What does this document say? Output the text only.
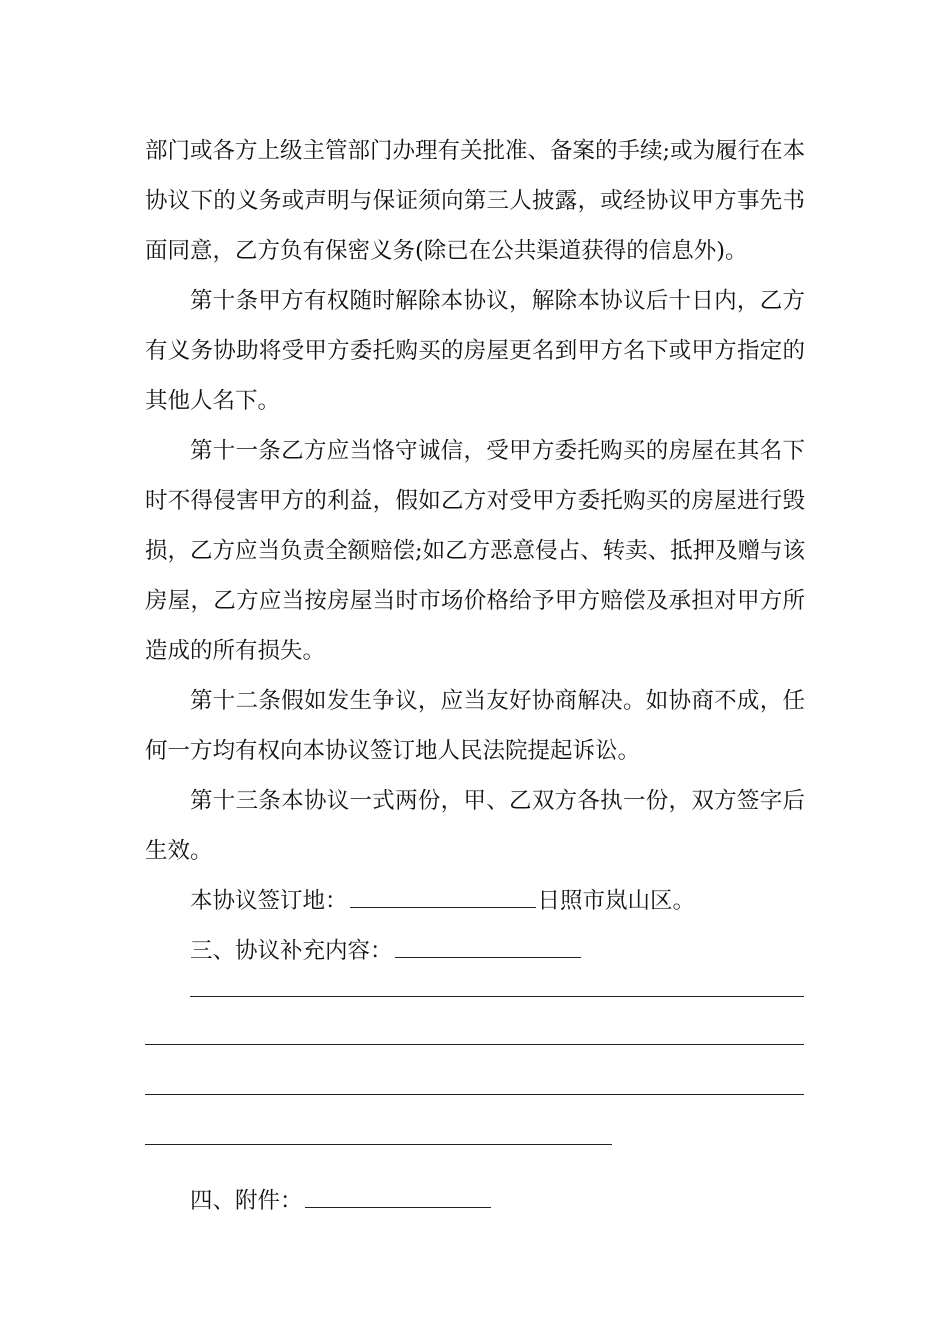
部门或各方上级主管部门办理有关批准、备案的手续;或为履行在本
协议下的义务或声明与保证须向第三人披露，或经协议甲方事先书
面同意，乙方负有保密义务(除已在公共渠道获得的信息外)。
第十条甲方有权随时解除本协议，解除本协议后十日内，乙方
有义务协助将受甲方委托购买的房屋更名到甲方名下或甲方指定的
其他人名下。
第十一条乙方应当恪守诚信，受甲方委托购买的房屋在其名下
时不得侵害甲方的利益，假如乙方对受甲方委托购买的房屋进行毁
损，乙方应当负责全额赔偿;如乙方恶意侵占、转卖、抵押及赠与该
房屋，乙方应当按房屋当时市场价格给予甲方赔偿及承担对甲方所
造成的所有损失。
第十二条假如发生争议，应当友好协商解决。如协商不成，任
何一方均有权向本协议签订地人民法院提起诉讼。
第十三条本协议一式两份，甲、乙双方各执一份，双方签字后
生效。
本协议签订地：	日照市岚山区。
三、协议补充内容：
四、附件：
